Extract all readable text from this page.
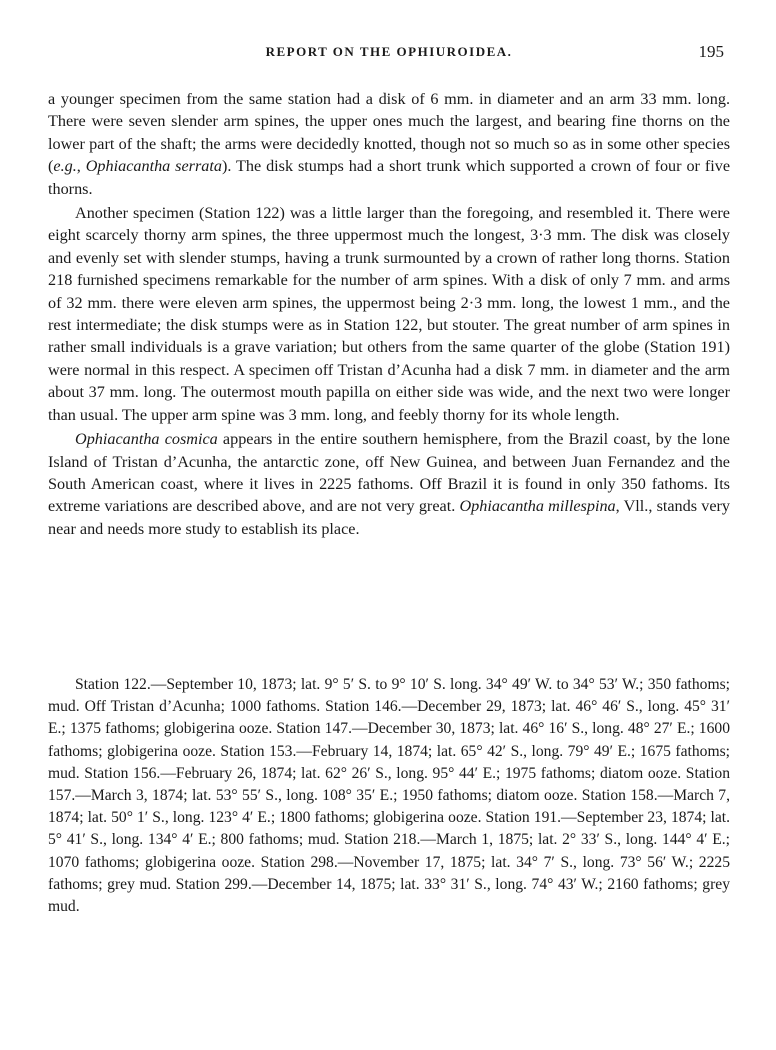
REPORT ON THE OPHIUROIDEA.	195

a younger specimen from the same station had a disk of 6 mm. in diameter and an arm 33 mm. long. There were seven slender arm spines, the upper ones much the largest, and bearing fine thorns on the lower part of the shaft; the arms were decidedly knotted, though not so much so as in some other species (e.g., Ophiacantha serrata). The disk stumps had a short trunk which supported a crown of four or five thorns.

Another specimen (Station 122) was a little larger than the foregoing, and resembled it. There were eight scarcely thorny arm spines, the three uppermost much the longest, 3·3 mm. The disk was closely and evenly set with slender stumps, having a trunk surmounted by a crown of rather long thorns. Station 218 furnished specimens remarkable for the number of arm spines. With a disk of only 7 mm. and arms of 32 mm. there were eleven arm spines, the uppermost being 2·3 mm. long, the lowest 1 mm., and the rest intermediate; the disk stumps were as in Station 122, but stouter. The great number of arm spines in rather small individuals is a grave variation; but others from the same quarter of the globe (Station 191) were normal in this respect. A specimen off Tristan d’Acunha had a disk 7 mm. in diameter and the arm about 37 mm. long. The outermost mouth papilla on either side was wide, and the next two were longer than usual. The upper arm spine was 3 mm. long, and feebly thorny for its whole length.

Ophiacantha cosmica appears in the entire southern hemisphere, from the Brazil coast, by the lone Island of Tristan d’Acunha, the antarctic zone, off New Guinea, and between Juan Fernandez and the South American coast, where it lives in 2225 fathoms. Off Brazil it is found in only 350 fathoms. Its extreme variations are described above, and are not very great. Ophiacantha millespina, Vll., stands very near and needs more study to establish its place.

Station 122.—September 10, 1873; lat. 9° 5′ S. to 9° 10′ S. long. 34° 49′ W. to 34° 53′ W.; 350 fathoms; mud. Off Tristan d’Acunha; 1000 fathoms. Station 146.—December 29, 1873; lat. 46° 46′ S., long. 45° 31′ E.; 1375 fathoms; globigerina ooze. Station 147.—December 30, 1873; lat. 46° 16′ S., long. 48° 27′ E.; 1600 fathoms; globigerina ooze. Station 153.—February 14, 1874; lat. 65° 42′ S., long. 79° 49′ E.; 1675 fathoms; mud. Station 156.—February 26, 1874; lat. 62° 26′ S., long. 95° 44′ E.; 1975 fathoms; diatom ooze. Station 157.—March 3, 1874; lat. 53° 55′ S., long. 108° 35′ E.; 1950 fathoms; diatom ooze. Station 158.—March 7, 1874; lat. 50° 1′ S., long. 123° 4′ E.; 1800 fathoms; globigerina ooze. Station 191.—September 23, 1874; lat. 5° 41′ S., long. 134° 4′ E.; 800 fathoms; mud. Station 218.—March 1, 1875; lat. 2° 33′ S., long. 144° 4′ E.; 1070 fathoms; globigerina ooze. Station 298.—November 17, 1875; lat. 34° 7′ S., long. 73° 56′ W.; 2225 fathoms; grey mud. Station 299.—December 14, 1875; lat. 33° 31′ S., long. 74° 43′ W.; 2160 fathoms; grey mud.
